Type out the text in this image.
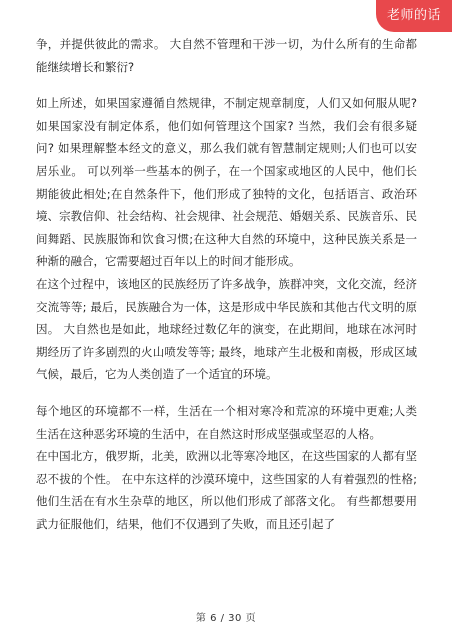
老师的话

争，并提供彼此的需求。 大自然不管理和干涉一切，为什么所有的生命都能继续增长和繁衍?

如上所述，如果国家遵循自然规律，不制定规章制度，人们又如何服从呢? 如果国家没有制定体系，他们如何管理这个国家? 当然，我们会有很多疑问? 如果理解整本经文的意义，那么我们就有智慧制定规则;人们也可以安居乐业。 可以列举一些基本的例子，在一个国家或地区的人民中，他们长期能彼此相处;在自然条件下，他们形成了独特的文化，包括语言、政治环境、宗教信仰、社会结构、社会规律、社会规范、婚姻关系、民族音乐、民间舞蹈、民族服饰和饮食习惯;在这种大自然的环境中，这种民族关系是一种渐的融合，它需要超过百年以上的时间才能形成。

在这个过程中，该地区的民族经历了许多战争，族群冲突，文化交流，经济交流等等; 最后，民族融合为一体，这是形成中华民族和其他古代文明的原因。 大自然也是如此，地球经过数亿年的演变，在此期间，地球在冰河时期经历了许多剧烈的火山喷发等等; 最终，地球产生北极和南极，形成区域气候，最后，它为人类创造了一个适宜的环境。

每个地区的环境都不一样，生活在一个相对寒冷和荒凉的环境中更难;人类生活在这种恶劣环境的生活中，在自然这时形成坚强或坚忍的人格。

在中国北方，俄罗斯，北美，欧洲以北等寒冷地区，在这些国家的人都有坚忍不拔的个性。 在中东这样的沙漠环境中，这些国家的人有着强烈的性格;他们生活在有水生杂草的地区，所以他们形成了部落文化。 有些都想要用武力征服他们，结果，他们不仅遇到了失败，而且还引起了

第 6 / 30 页
